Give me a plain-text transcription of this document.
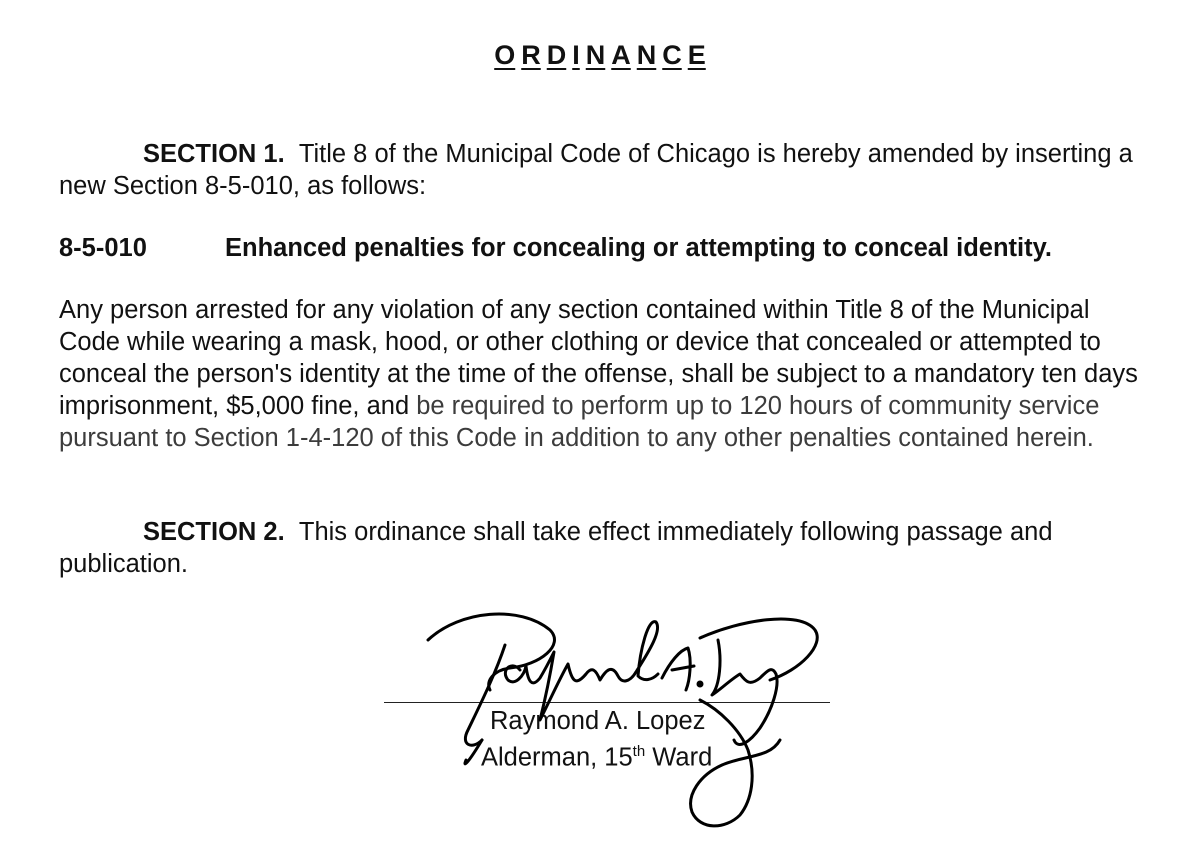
O R D I N A N C E
SECTION 1. Title 8 of the Municipal Code of Chicago is hereby amended by inserting a new Section 8-5-010, as follows:
8-5-010	Enhanced penalties for concealing or attempting to conceal identity.
Any person arrested for any violation of any section contained within Title 8 of the Municipal Code while wearing a mask, hood, or other clothing or device that concealed or attempted to conceal the person's identity at the time of the offense, shall be subject to a mandatory ten days imprisonment, $5,000 fine, and be required to perform up to 120 hours of community service pursuant to Section 1-4-120 of this Code in addition to any other penalties contained herein.
SECTION 2. This ordinance shall take effect immediately following passage and publication.
Raymond A. Lopez
Alderman, 15th Ward
